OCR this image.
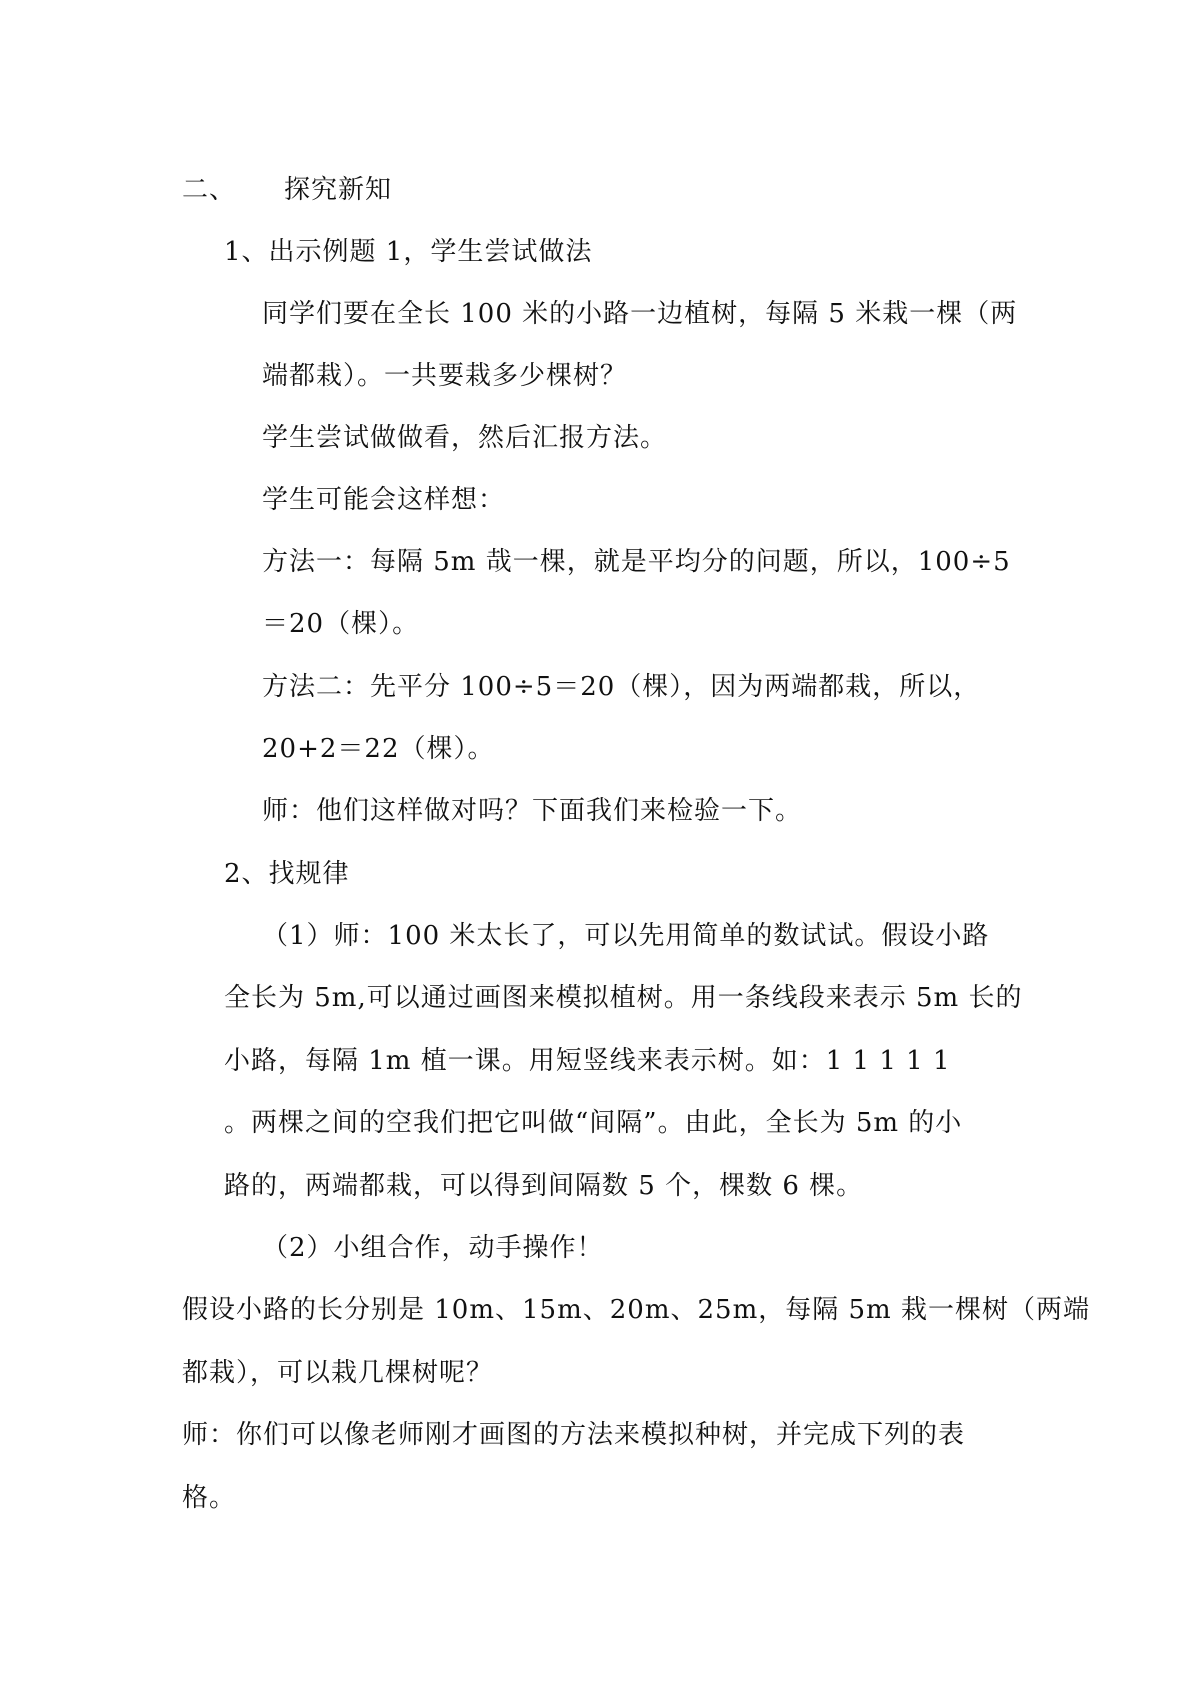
二、 探究新知
1、出示例题 1，学生尝试做法
同学们要在全长 100 米的小路一边植树，每隔 5 米栽一棵（两
端都栽）。一共要栽多少棵树？
学生尝试做做看，然后汇报方法。
学生可能会这样想：
方法一：每隔 5m 哉一棵，就是平均分的问题，所以，100÷5
＝20（棵）。
方法二：先平分 100÷5＝20（棵），因为两端都栽，所以，
20+2＝22（棵）。
师：他们这样做对吗？下面我们来检验一下。
2、找规律
（1）师：100 米太长了，可以先用简单的数试试。假设小路
全长为 5m,可以通过画图来模拟植树。用一条线段来表示 5m 长的
小路，每隔 1m 植一课。用短竖线来表示树。如：1 1 1 1 1
。两棵之间的空我们把它叫做“间隔”。由此，全长为 5m 的小
路的，两端都栽，可以得到间隔数 5 个，棵数 6 棵。
（2）小组合作，动手操作！
假设小路的长分别是 10m、15m、20m、25m，每隔 5m 栽一棵树（两端
都栽），可以栽几棵树呢？
师：你们可以像老师刚才画图的方法来模拟种树，并完成下列的表
格。
